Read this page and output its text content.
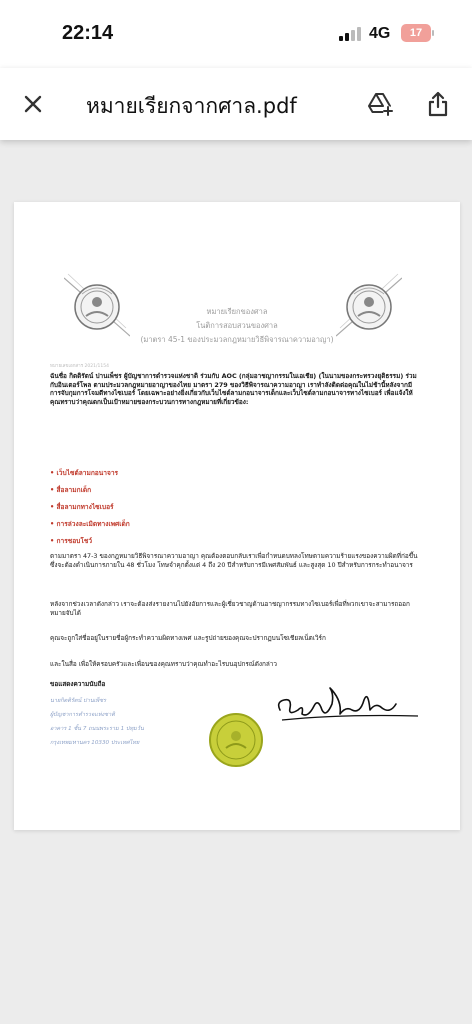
22:14	4G	17
หมายเรียกจากศาล.pdf
หมายเรียกของศาล
โนติการสอบสวนของศาล
(มาตรา 45-1 ของประมวลกฎหมายวิธีพิจารณาความอาญา)
หมายเลขเอกสาร 2021/1154
ฉันชื่อ กิตติรัตน์ ปานเพ็ชร ผู้บัญชาการตำรวจแห่งชาติ ร่วมกับ AOC (กลุ่มอาชญากรรมในเอเชีย) (ในนามของกระทรวงยุติธรรม) ร่วมกับอินเตอร์โพล ตามประมวลกฎหมายอาญาของไทย มาตรา 279 ของวิธีพิจารณาความอาญา เราทำลังติดต่อคุณในไม่ช้านี้หลังจากมีการจับกุมการโจมตีทางไซเบอร์ โดยเฉพาะอย่างยิ่งเกี่ยวกับเว็บไซต์ลามกอนาจารเด็กและเว็บไซต์ลามกอนาจารทางไซเบอร์ เพื่อแจ้งให้คุณทราบว่าคุณตกเป็นเป้าหมายของกระบวนการทางกฎหมายที่เกี่ยวข้อง:
• เว็บไซต์ลามกอนาจาร
• สื่อลามกเด็ก
• สื่อลามกทางไซเบอร์
• การล่วงละเมิดทางเพศเด็ก
• การชอบโชว์
ตามมาตรา 47-3 ของกฎหมายวิธีพิจารณาความอาญา คุณต้องตอบกลับเราเพื่อกำหนดบทลงโทษตามความร้ายแรงของความผิดที่ก่อขึ้น ซึ่งจะต้องดำเนินการภายใน 48 ชั่วโมง โทษจำคุกตั้งแต่ 4 ถึง 20 ปีสำหรับการมีเพศสัมพันธ์ และสูงสุด 10 ปีสำหรับการกระทำอนาจาร
หลังจากช่วงเวลาดังกล่าว เราจะต้องส่งรายงานไปยังอัยการและผู้เชี่ยวชาญด้านอาชญากรรมทางไซเบอร์เพื่อที่พวกเขาจะสามารถออกหมายจับได้
คุณจะถูกใส่ชื่ออยู่ในรายชื่อผู้กระทำความผิดทางเพศ และรูปถ่ายของคุณจะปรากฏบนโซเชียลเน็ตเวิร์ก
และในสื่อ เพื่อให้ครอบครัวและเพื่อนของคุณทราบว่าคุณทำอะไรบนอุปกรณ์ดังกล่าว
ขอแสดงความนับถือ
นายกิตติรัตน์ ปานเพ็ชร
ผู้บัญชาการตำรวจแห่งชาติ
อาคาร 1 ชั้น 7 ถนนพระราม 1 ปทุมวัน
กรุงเทพมหานคร 10330 ประเทศไทย
